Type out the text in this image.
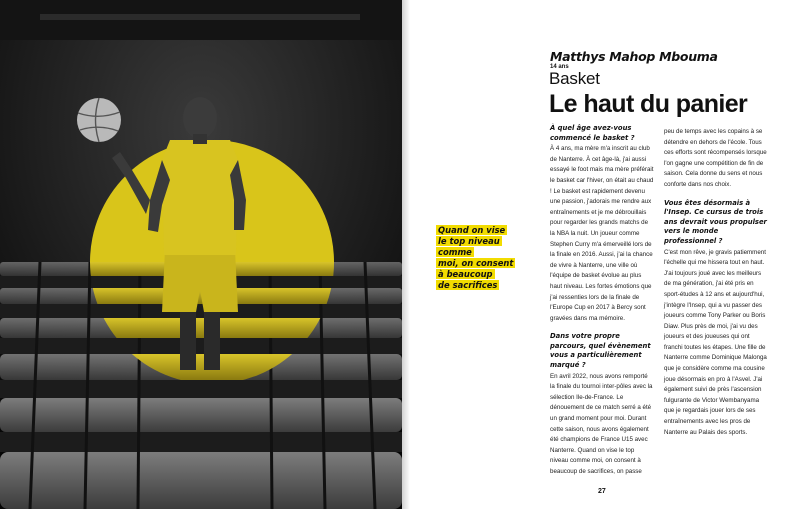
Matthys Mahop Mbouma
14 ans
Basket
Le haut du panier
Quand on vise
le top niveau comme
moi, on consent
à beaucoup
de sacrifices
À quel âge avez-vous commencé le basket ?

À 4 ans, ma mère m'a inscrit au club de Nanterre. À cet âge-là, j'ai aussi essayé le foot mais ma mère préférait le basket car l'hiver, on était au chaud ! Le basket est rapidement devenu une passion, j'adorais me rendre aux entraînements et je me débrouillais pour regarder les grands matchs de la NBA la nuit. Un joueur comme Stephen Curry m'a émerveillé lors de la finale en 2016. Aussi, j'ai la chance de vivre à Nanterre, une ville où l'équipe de basket évolue au plus haut niveau. Les fortes émotions que j'ai ressenties lors de la finale de l'Europe Cup en 2017 à Bercy sont gravées dans ma mémoire.

Dans votre propre parcours, quel évènement vous a particulièrement marqué ?

En avril 2022, nous avons remporté la finale du tournoi inter-pôles avec la sélection Ile-de-France. Le dénouement de ce match serré a été un grand moment pour moi. Durant cette saison, nous avons également été champions de France U15 avec Nanterre. Quand on vise le top niveau comme moi, on consent à beaucoup de sacrifices, on passe

peu de temps avec les copains à se détendre en dehors de l'école. Tous ces efforts sont récompensés lorsque l'on gagne une compétition de fin de saison. Cela donne du sens et nous conforte dans nos choix.

Vous êtes désormais à l'Insep. Ce cursus de trois ans devrait vous propulser vers le monde professionnel ?

C'est mon rêve, je gravis patiemment l'échelle qui me hissera tout en haut. J'ai toujours joué avec les meilleurs de ma génération, j'ai été pris en sport-études à 12 ans et aujourd'hui, j'intègre l'Insep, qui a vu passer des joueurs comme Tony Parker ou Boris Diaw. Plus près de moi, j'ai vu des joueurs et des joueuses qui ont franchi toutes les étapes. Une fille de Nanterre comme Dominique Malonga que je considère comme ma cousine joue désormais en pro à l'Asvel. J'ai également suivi de près l'ascension fulgurante de Victor Wembanyama que je regardais jouer lors de ses entraînements avec les pros de Nanterre au Palais des sports.

27
